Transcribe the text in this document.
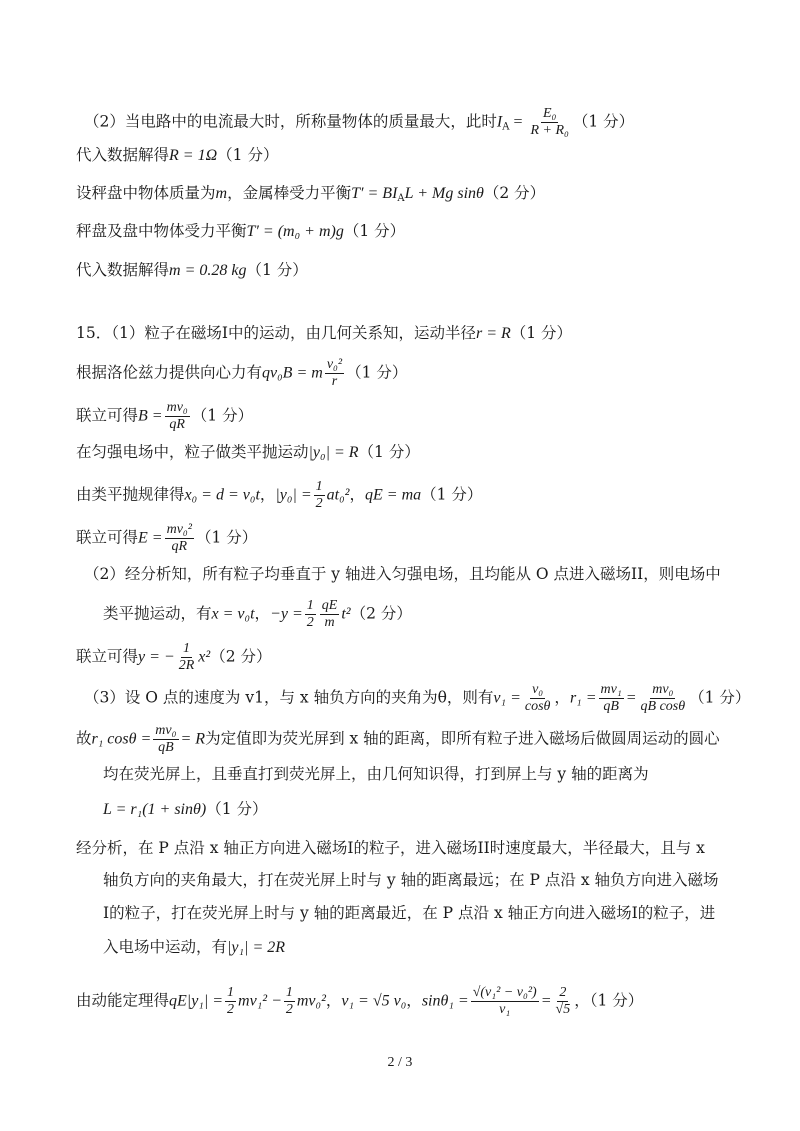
（2）当电路中的电流最大时，所称量物体的质量最大，此时$I_A = \frac{\text{E₀}}{\text{R + R₀}} (1$ 分）
代入数据解得R = 1Ω（1 分）
设秤盘中物体质量为m，金属棒受力平衡$T' = BI_AL + Mg$ sinθ（2 分）
秤盘及盘中物体受力平衡T′ = (m₀ + m)g（1 分）
代入数据解得m = 0.28 kg（1 分）
15．（1）粒子在磁场I中的运动，由几何关系知，运动半径r = R（1 分）
根据洛伦兹力提供向心力有qv₀B = m $\frac{\text{v₀²}}{r} (1$ 分）
联立可得$B = \frac{\text{mv₀}}{qR} (1$ 分）
在匀强电场中，粒子做类平抛运动|y₀| = R（1 分）
由类平抛规律得x₀ = d = v₀t，$|y_0| = \frac{1}{2} at_0^2$，qE = ma（1 分）
联立可得$E = \frac{\text{mv₀²}}{qR} (1$ 分）
（2）经分析知，所有粒子均垂直于 y 轴进入匀强电场，且均能从 O 点进入磁场II，则电场中
类平抛运动，有x = v₀t，$-y = \frac{1}{2} \frac{qE}{m} t^2(2$ 分）
联立可得y = − $\frac{1}{2R} x^2(2$ 分）
（3）设 O 点的速度为 v1，与 x 轴负方向的夹角为θ，则有$v_1 = \frac{\text{v₀}}{\cos\theta}$ ，$r_1 = \frac{\text{mv₁}}{qB} = \frac{\text{mv₀}}{\text{qB cosθ}} (1$ 分）
故r₁ $\cos\theta = \frac{\text{mv₀}}{qB} = R$为定值即为荧光屏到 x 轴的距离，即所有粒子进入磁场后做圆周运动的圆心
均在荧光屏上，且垂直打到荧光屏上，由几何知识得，打到屏上与 y 轴的距离为
L = r₁(1 + sinθ)（1 分）
经分析，在 P 点沿 x 轴正方向进入磁场I的粒子，进入磁场II时速度最大，半径最大，且与 x
轴负方向的夹角最大，打在荧光屏上时与 y 轴的距离最远；在 P 点沿 x 轴负方向进入磁场
I的粒子，打在荧光屏上时与 y 轴的距离最近，在 P 点沿 x 轴正方向进入磁场I的粒子，进
入电场中运动，有|y₁| = 2R
由动能定理得$qE|y_1| = \frac{1}{2} mv_1^2 - \frac{1}{2} mv_0^2$，v₁ = √5 v₀，$\sin\theta_1 = \frac{\text{√(v₁² − v₀²)}}{\text{v₁}} = \frac{2}{√5}$ ，（1 分）
2 / 3
